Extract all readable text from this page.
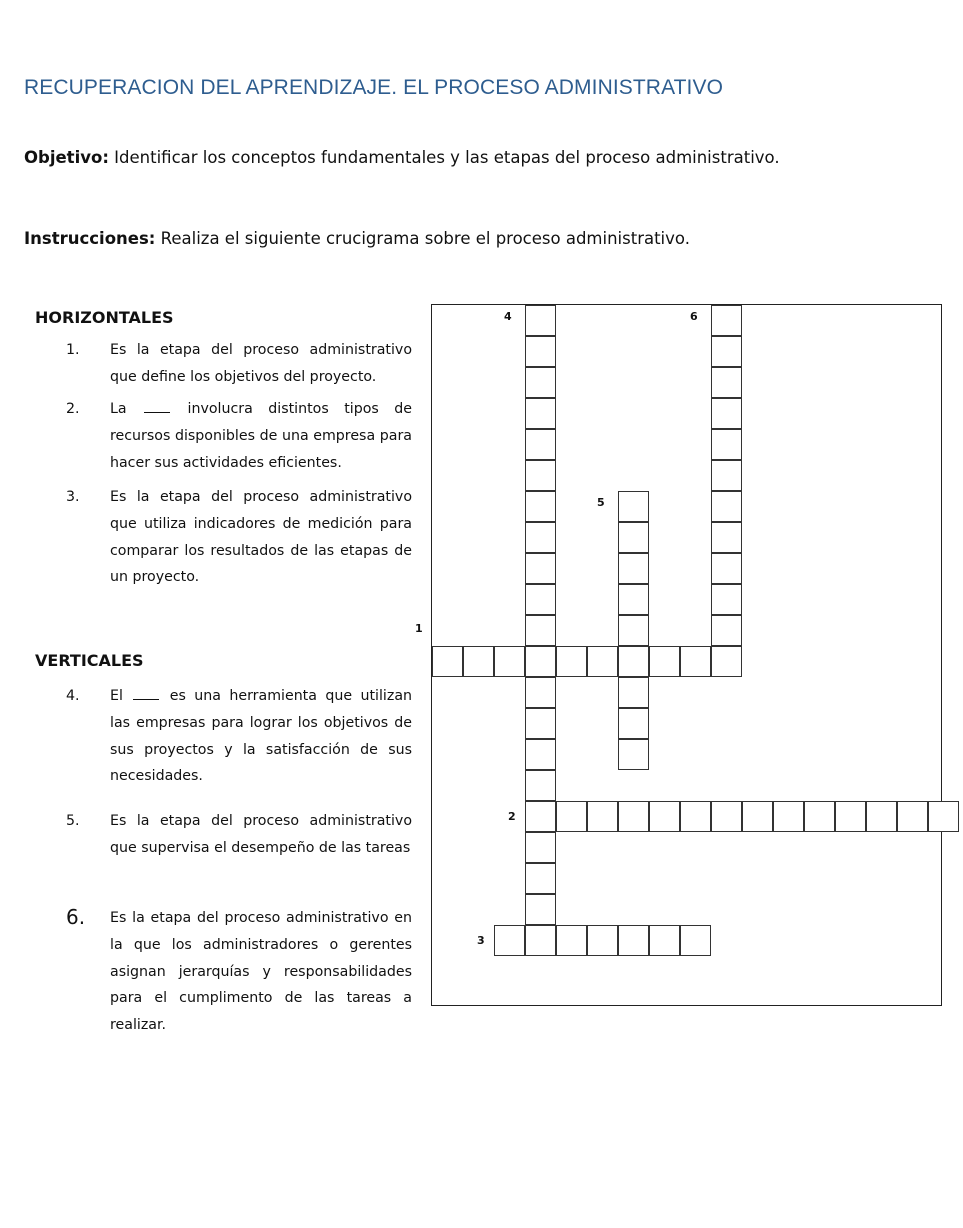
RECUPERACION DEL APRENDIZAJE. EL PROCESO ADMINISTRATIVO

Objetivo: Identificar los conceptos fundamentales y las etapas del proceso administrativo.

Instrucciones: Realiza el siguiente crucigrama sobre el proceso administrativo.

HORIZONTALES
1.	Es la etapa del proceso administrativo que define los objetivos del proyecto.
2.	La	involucra distintos tipos de recursos disponibles de una empresa para hacer sus actividades eficientes.
3.	Es la etapa del proceso administrativo que utiliza indicadores de medición para comparar los resultados de las etapas de un proyecto.
VERTICALES
4.	El	es una herramienta que utilizan las empresas para lograr los objetivos de sus proyectos y la satisfacción de sus necesidades.
5.	Es la etapa del proceso administrativo que supervisa el desempeño de las tareas
6.	Es la etapa del proceso administrativo en la que los administradores o gerentes asignan jerarquías y responsabilidades para el cumplimento de las tareas a realizar.
1
2
3
4
5
6
